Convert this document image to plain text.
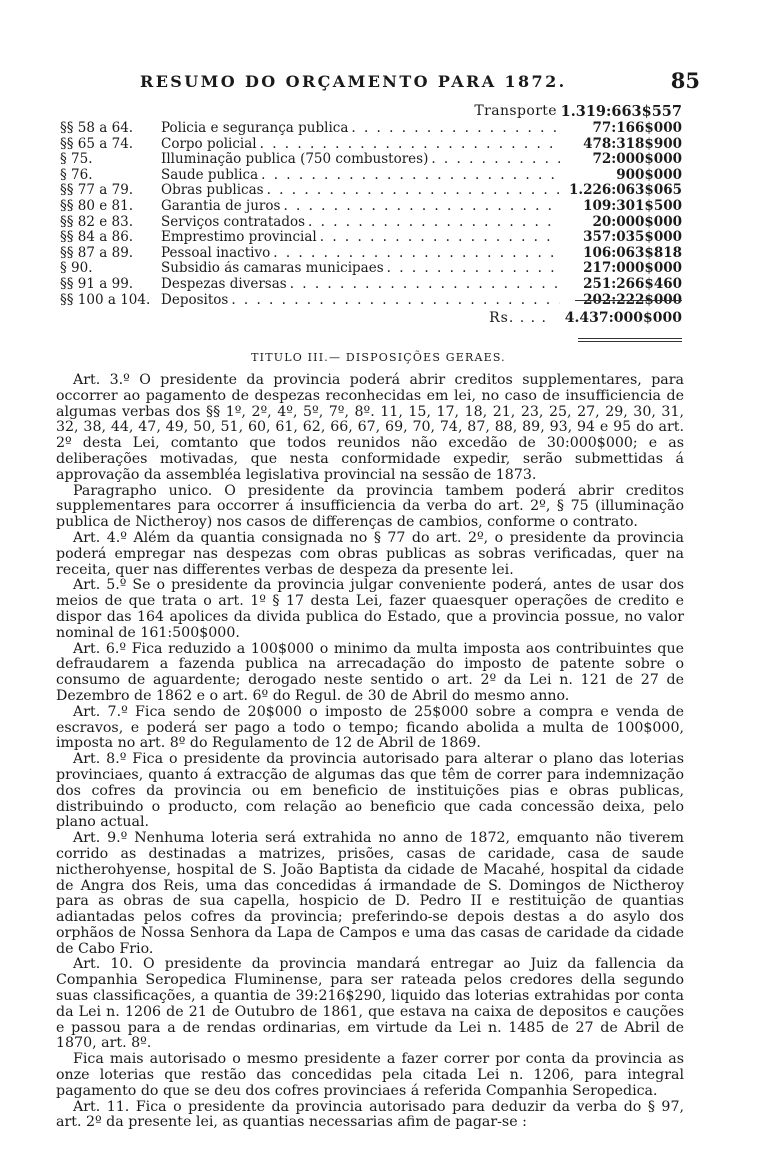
RESUMO DO ORÇAMENTO PARA 1872.	85
Transporte 1.319:663$557
§§ 58 a 64.	Policia e segurança publica . . .	77:166$000
§§ 65 a 74.	Corpo policial . . .	478:318$900
§ 75.	Illuminação publica (750 combustores) . . .	72:000$000
§ 76.	Saude publica . . .	900$000
§§ 77 a 79.	Obras publicas . . .	1.226:063$065
§§ 80 e 81.	Garantia de juros . . .	109:301$500
§§ 82 e 83.	Serviços contratados . . .	20:000$000
§§ 84 a 86.	Emprestimo provincial . . .	357:035$000
§§ 87 a 89.	Pessoal inactivo . . .	106:063$818
§ 90.	Subsidio ás camaras municipaes . . .	217:000$000
§§ 91 a 99.	Despezas diversas . . .	251:266$460
§§ 100 a 104. Depositos . . .	202:222$000
Rs. . . . 4.437:000$000
TITULO III.— DISPOSIÇÕES GERAES.

Art. 3.º O presidente da provincia poderá abrir creditos supplementares, para occorrer ao pagamento de despezas reconhecidas em lei, no caso de insufficiencia de algumas verbas dos §§ 1º, 2º, 4º, 5º, 7º, 8º. 11, 15, 17, 18, 21, 23, 25, 27, 29, 30, 31, 32, 38, 44, 47, 49, 50, 51, 60, 61, 62, 66, 67, 69, 70, 74, 87, 88, 89, 93, 94 e 95 do art. 2º desta Lei, comtanto que todos reunidos não excedão de 30:000$000; e as deliberações motivadas, que nesta conformidade expedir, serão submettidas á approvação da assembléa legislativa provincial na sessão de 1873.

Paragrapho unico. O presidente da provincia tambem poderá abrir creditos supplementares para occorrer á insufficiencia da verba do art. 2º, § 75 (illuminação publica de Nictheroy) nos casos de differenças de cambios, conforme o contrato.

Art. 4.º Além da quantia consignada no § 77 do art. 2º, o presidente da provincia poderá empregar nas despezas com obras publicas as sobras verificadas, quer na receita, quer nas differentes verbas de despeza da presente lei.

Art. 5.º Se o presidente da provincia julgar conveniente poderá, antes de usar dos meios de que trata o art. 1º § 17 desta Lei, fazer quaesquer operações de credito e dispor das 164 apolices da divida publica do Estado, que a provincia possue, no valor nominal de 161:500$000.

Art. 6.º Fica reduzido a 100$000 o minimo da multa imposta aos contribuintes que defraudarem a fazenda publica na arrecadação do imposto de patente sobre o consumo de aguardente; derogado neste sentido o art. 2º da Lei n. 121 de 27 de Dezembro de 1862 e o art. 6º do Regul. de 30 de Abril do mesmo anno.

Art. 7.º Fica sendo de 20$000 o imposto de 25$000 sobre a compra e venda de escravos, e poderá ser pago a todo o tempo; ficando abolida a multa de 100$000, imposta no art. 8º do Regulamento de 12 de Abril de 1869.

Art. 8.º Fica o presidente da provincia autorisado para alterar o plano das loterias provinciaes, quanto á extracção de algumas das que têm de correr para indemnização dos cofres da provincia ou em beneficio de instituições pias e obras publicas, distribuindo o producto, com relação ao beneficio que cada concessão deixa, pelo plano actual.

Art. 9.º Nenhuma loteria será extrahida no anno de 1872, emquanto não tiverem corrido as destinadas a matrizes, prisões, casas de caridade, casa de saude nictherohyense, hospital de S. João Baptista da cidade de Macahé, hospital da cidade de Angra dos Reis, uma das concedidas á irmandade de S. Domingos de Nictheroy para as obras de sua capella, hospicio de D. Pedro II e restituição de quantias adiantadas pelos cofres da provincia; preferindo-se depois destas a do asylo dos orphãos de Nossa Senhora da Lapa de Campos e uma das casas de caridade da cidade de Cabo Frio.

Art. 10. O presidente da provincia mandará entregar ao Juiz da fallencia da Companhia Seropedica Fluminense, para ser rateada pelos credores della segundo suas classificações, a quantia de 39:216$290, liquido das loterias extrahidas por conta da Lei n. 1206 de 21 de Outubro de 1861, que estava na caixa de depositos e cauções e passou para a de rendas ordinarias, em virtude da Lei n. 1485 de 27 de Abril de 1870, art. 8º.

Fica mais autorisado o mesmo presidente a fazer correr por conta da provincia as onze loterias que restão das concedidas pela citada Lei n. 1206, para integral pagamento do que se deu dos cofres provinciaes á referida Companhia Seropedica.

Art. 11. Fica o presidente da provincia autorisado para deduzir da verba do § 97, art. 2º da presente lei, as quantias necessarias afim de pagar-se :
